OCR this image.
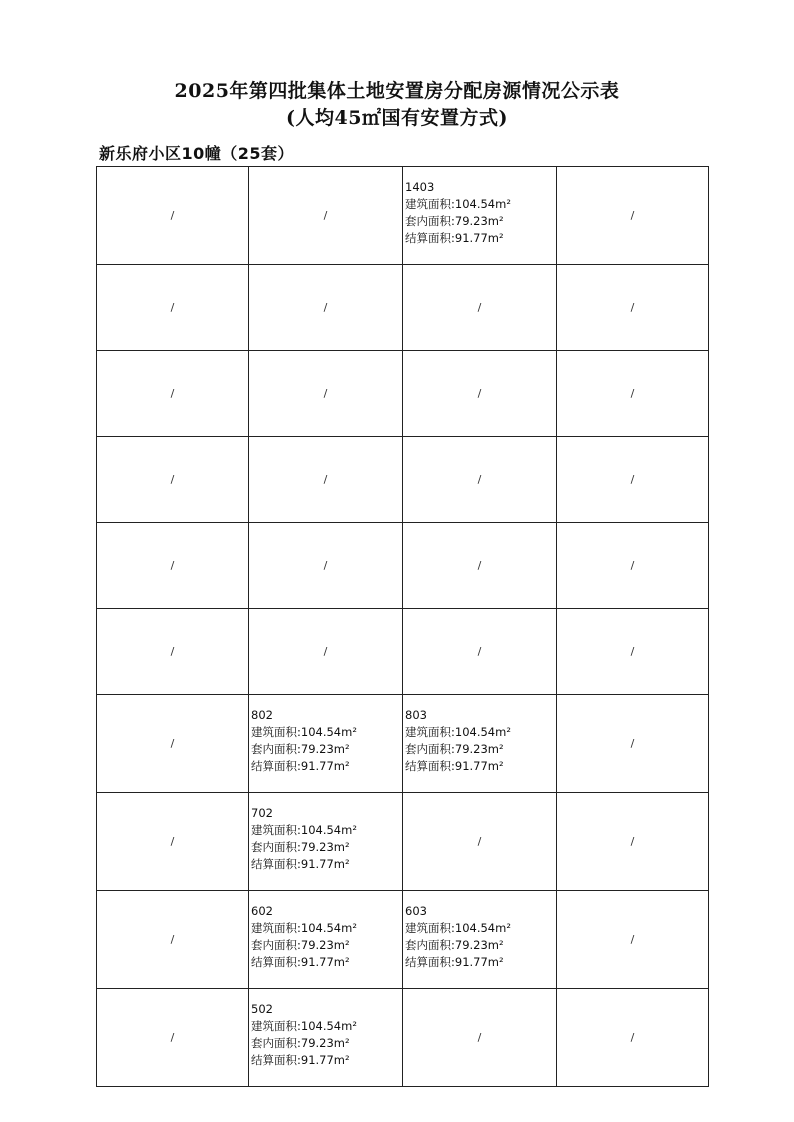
2025年第四批集体土地安置房分配房源情况公示表
(人均45㎡国有安置方式)
新乐府小区10幢（25套）
/	/	1403
建筑面积:104.54m²
套内面积:79.23m²
结算面积:91.77m²	/
/	/	/	/
/	/	/	/
/	/	/	/
/	/	/	/
/	/	/	/
/	802
建筑面积:104.54m²
套内面积:79.23m²
结算面积:91.77m²	803
建筑面积:104.54m²
套内面积:79.23m²
结算面积:91.77m²	/
/	702
建筑面积:104.54m²
套内面积:79.23m²
结算面积:91.77m²	/	/
/	602
建筑面积:104.54m²
套内面积:79.23m²
结算面积:91.77m²	603
建筑面积:104.54m²
套内面积:79.23m²
结算面积:91.77m²	/
/	502
建筑面积:104.54m²
套内面积:79.23m²
结算面积:91.77m²	/	/
